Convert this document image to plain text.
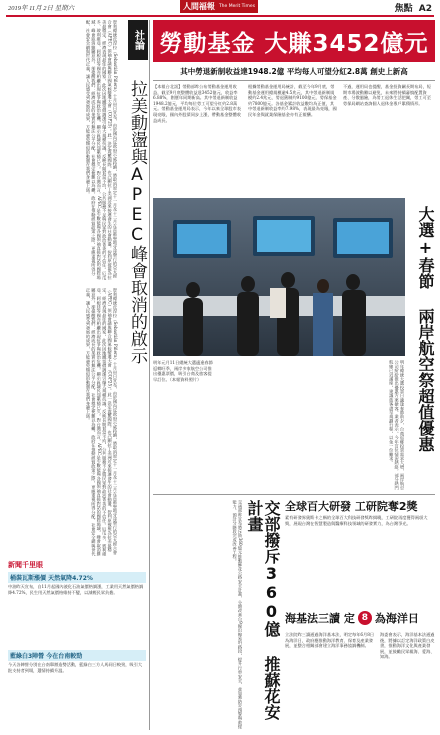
2019年 11月 2日 星期六	人間福報 The Merit Times	焦點 A2
社論
拉美動盪與APEC峰會取消的啟示
智利總統皮涅拉（Sebastián Piñera）十月卅日宣布，由於國內反政府示威持續，將取消原定十一月及十二月在首都聖地牙哥舉行的亞太經合會（APEC）領袖會議與聯合國氣候變遷大會（COP25）。此一決定震驚國際，也凸顯拉丁美洲近來接連發生的社會動盪。智利原被視為拉美最穩定、經濟表現最佳的國家，此次因地鐵票價調漲引爆大規模抗議，反映長期貧富不均、公共服務不足與民眾對政治菁英的不信任。厄瓜多、玻利維亞、阿根廷等國亦相繼出現抗爭與政治危機，顯示區域民怨累積已久。對台灣而言，APEC是少數能與各國領袖直接對話的國際場域，峰會取消雖屬意外，卻提醒我們：經濟成長的果實若無法公平分配，社會穩定便難以為繼。政府在推動經貿政策之際，更應重視所得分配、社會安全網與世代正義，讓人民感受到發展的成果，方能避免類似的動盪在我們身邊上演。
智利總統皮涅拉（Sebastián Piñera）十月卅日宣布，由於國內反政府示威持續，將取消原定十一月及十二月在首都聖地牙哥舉行的亞太經合會（APEC）領袖會議與聯合國氣候變遷大會（COP25）。此一決定震驚國際，也凸顯拉丁美洲近來接連發生的社會動盪。智利原被視為拉美最穩定、經濟表現最佳的國家，此次因地鐵票價調漲引爆大規模抗議，反映長期貧富不均、公共服務不足與民眾對政治菁英的不信任。厄瓜多、玻利維亞、阿根廷等國亦相繼出現抗爭與政治危機，顯示區域民怨累積已久。對台灣而言，APEC是少數能與各國領袖直接對話的國際場域，峰會取消雖屬意外，卻提醒我們：經濟成長的果實若無法公平分配，社會穩定便難以為繼。政府在推動經貿政策之際，更應重視所得分配、社會安全網與世代正義，讓人民感受到發展的成果，方能避免類似的動盪在我們身邊上演。
新聞千里眼
桶裝瓦斯漲價 天然氣降4.72%
中油昨天宣布，自11月起國內液化石油氣價格調漲，工業用天然氣價格調降4.72%，民生用天然氣價格維持不變，以減輕民眾負擔。
藍綠白3陣營 今在台南較勁
今天各陣營分別在台南舉辦造勢活動，藍綠白三方人馬同日較勁，吸引大批支持者到場，選情持續升溫。
勞動基金 大賺3452億元
其中勞退新制收益達1948.2億 平均每人可望分紅2.8萬 創史上新高
【本報台北訊】勞動部昨公布勞動基金運用收益，截至9月底整體收益達3452億元，收益率6.88%，創歷年同期新高。其中勞退新制收益1948.2億元，平均每位勞工可望分紅約2.8萬元。勞動基金運用局表示，今年以來全球股市表現亮眼，國內外股債同步上漲，帶動基金整體收益成長。
根據勞動基金運用局統計，截至今年9月底，勞動基金運用總規模逾4.5兆元，其中勞退新制規模約2.4兆元、勞退舊制約9100億元、勞保基金約7800億元。各基金累計收益數均為正值，其中勞退新制收益率約7.98%，表現最為亮眼，國民年金與就業保險基金亦有正報酬。
不過，運用局也提醒，基金投資屬長期布局，短期市場波動難以避免，未來將持續審慎配置資產、分散風險，為勞工退休生活把關，勞工可至勞保局網站查詢個人退休金專戶累積情形。
大選+春節 兩岸航空祭超值優惠
明年元月11日總統大選適逢春節返鄉旺季，兩岸多家航空公司推出優惠票價，吸引台商及旅客提早訂位。（本報資料照片）	明年總統大選投票日適逢春節前夕，台商返鄉投票需求大增，兩岸航空公司紛紛推出優惠方案搶客。業者表示，今年訂位情況熱絡，部分熱門航線已近滿座，建議旅客盡早規劃行程，以免一位難求。
交部撥斥360億 推蘇花安計畫
交通部昨宣布將斥資360億元推動蘇花公路安全計畫，分期改善台9線沿線易坍路段，提升行車安全，並加強防災預警與救援能力，預計分階段完成改善工程。	全球百大研發 工研院奪2獎
素有研發界奧斯卡之稱的全球百大科技研發獎昨揭曉，工研院再度獲得兩項大獎，展現台灣在智慧製造與醫療科技領域的研發實力，為台灣爭光。
海基法三讀 定 8 為海洋日
立法院昨三讀通過海洋基本法，明定每年6月8日為海洋日，政府應推動海洋教育、保育及產業發展，並整合相關部會建立海洋事務協調機制。
海委會表示，海洋基本法通過後，將據以訂定海洋政策白皮書，推動海洋文化與產業發展，並鼓勵民眾親海、愛海、知海。
